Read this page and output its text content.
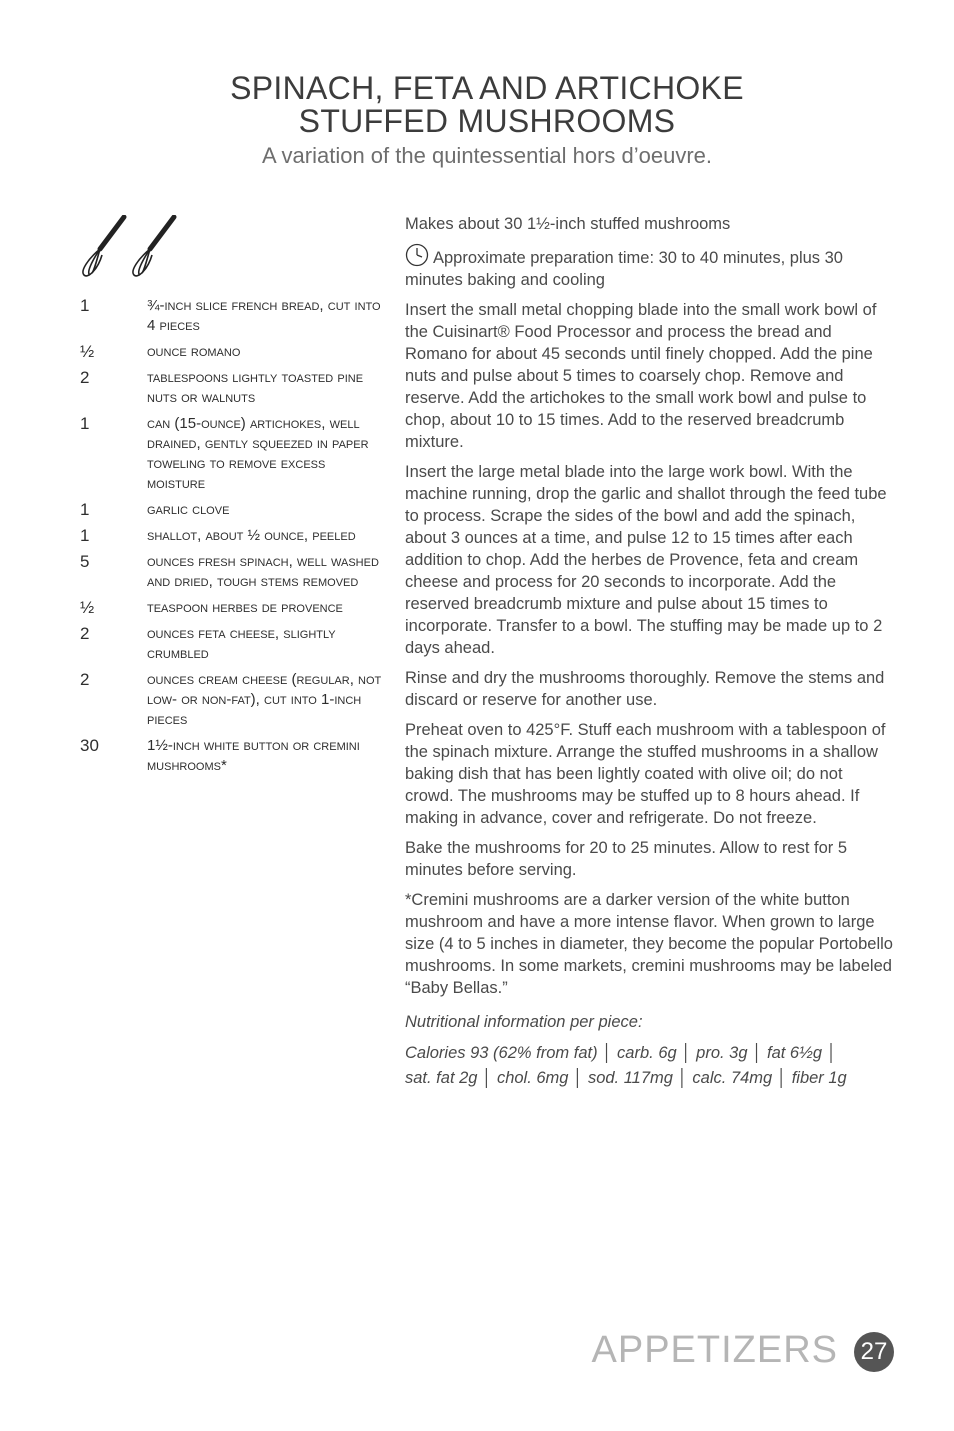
SPINACH, FETA AND ARTICHOKE
STUFFED MUSHROOMS
A variation of the quintessential hors d’oeuvre.
1	¾-inch slice french bread, cut into 4 pieces
½	ounce romano
2	tablespoons lightly toasted pine nuts or walnuts
1	can (15-ounce) artichokes, well drained, gently squeezed in paper toweling to remove excess moisture
1	garlic clove
1	shallot, about ½ ounce, peeled
5	ounces fresh spinach, well washed and dried, tough stems removed
½	teaspoon herbes de provence
2	ounces feta cheese, slightly crumbled
2	ounces cream cheese (regular, not low- or non-fat), cut into 1-inch pieces
30	1½-inch white button or cremini mushrooms*

Makes about 30 1½-inch stuffed mushrooms

Approximate preparation time: 30 to 40 minutes, plus 30 minutes baking and cooling

Insert the small metal chopping blade into the small work bowl of the Cuisinart® Food Processor and process the bread and Romano for about 45 seconds until finely chopped. Add the pine nuts and pulse about 5 times to coarsely chop. Remove and reserve. Add the artichokes to the small work bowl and pulse to chop, about 10 to 15 times. Add to the reserved breadcrumb mixture.

Insert the large metal blade into the large work bowl. With the machine running, drop the garlic and shallot through the feed tube to process. Scrape the sides of the bowl and add the spinach, about 3 ounces at a time, and pulse 12 to 15 times after each addition to chop. Add the herbes de Provence, feta and cream cheese and process for 20 seconds to incorporate. Add the reserved breadcrumb mixture and pulse about 15 times to incorporate. Transfer to a bowl. The stuffing may be made up to 2 days ahead.

Rinse and dry the mushrooms thoroughly. Remove the stems and discard or reserve for another use.

Preheat oven to 425°F. Stuff each mushroom with a tablespoon of the spinach mixture. Arrange the stuffed mushrooms in a shallow baking dish that has been lightly coated with olive oil; do not crowd. The mushrooms may be stuffed up to 8 hours ahead. If making in advance, cover and refrigerate. Do not freeze.

Bake the mushrooms for 20 to 25 minutes. Allow to rest for 5 minutes before serving.

*Cremini mushrooms are a darker version of the white button mushroom and have a more intense flavor. When grown to large size (4 to 5 inches in diameter, they become the popular Portobello mushrooms. In some markets, cremini mushrooms may be labeled “Baby Bellas.”

Nutritional information per piece:

Calories 93 (62% from fat) │ carb. 6g │ pro. 3g │ fat 6½g │
sat. fat 2g │ chol. 6mg │ sod. 117mg │ calc. 74mg │ fiber 1g
APPETIZERS 27
